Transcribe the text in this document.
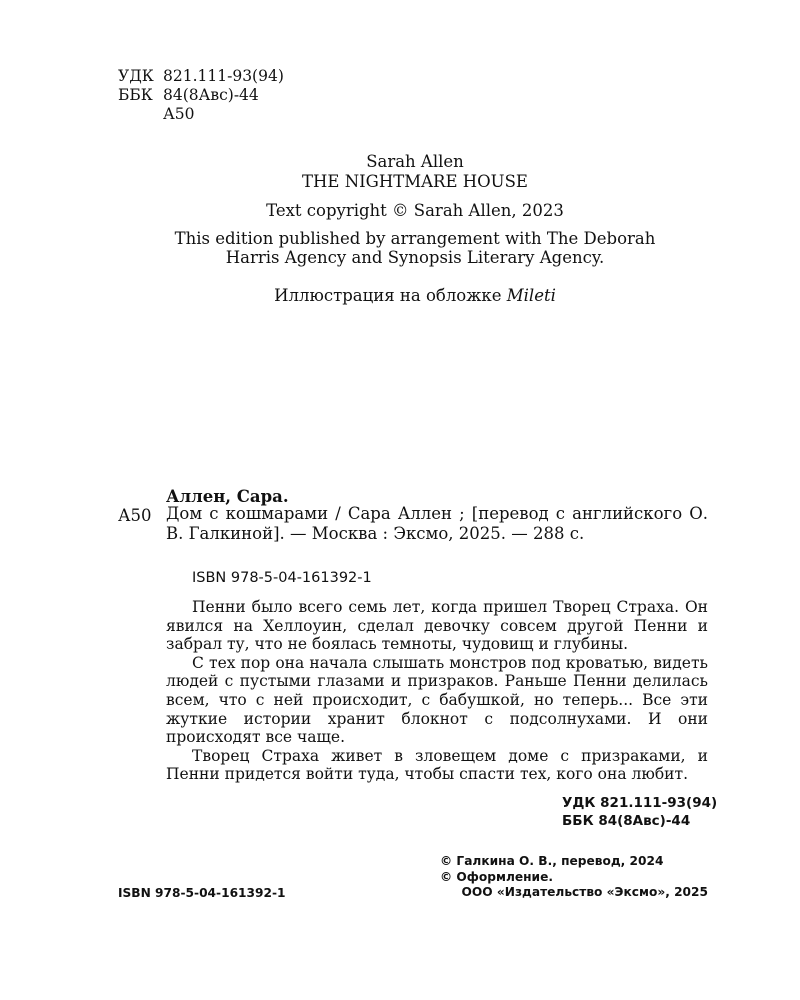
УДК 821.111-93(94)
ББК 84(8Авс)-44
А50
Sarah Allen
THE NIGHTMARE HOUSE
Text copyright © Sarah Allen, 2023
This edition published by arrangement with The Deborah
Harris Agency and Synopsis Literary Agency.
Иллюстрация на обложке Mileti
Аллен, Сара.
А50 Дом с кошмарами / Сара Аллен ; [перевод с английского О. В. Галкиной]. — Москва : Эксмо, 2025. — 288 с.
ISBN 978-5-04-161392-1

Пенни было всего семь лет, когда пришел Творец Страха. Он явился на Хеллоуин, сделал девочку совсем другой Пенни и забрал ту, что не боялась темноты, чудовищ и глубины.

С тех пор она начала слышать монстров под кроватью, видеть людей с пустыми глазами и призраков. Раньше Пенни делилась всем, что с ней происходит, с бабушкой, но теперь... Все эти жуткие истории хранит блокнот с подсолнухами. И они происходят все чаще.

Творец Страха живет в зловещем доме с призраками, и Пенни придется войти туда, чтобы спасти тех, кого она любит.

УДК 821.111-93(94)
ББК 84(8Авс)-44
© Галкина О. В., перевод, 2024
© Оформление.
ООО «Издательство «Эксмо», 2025
ISBN 978-5-04-161392-1
